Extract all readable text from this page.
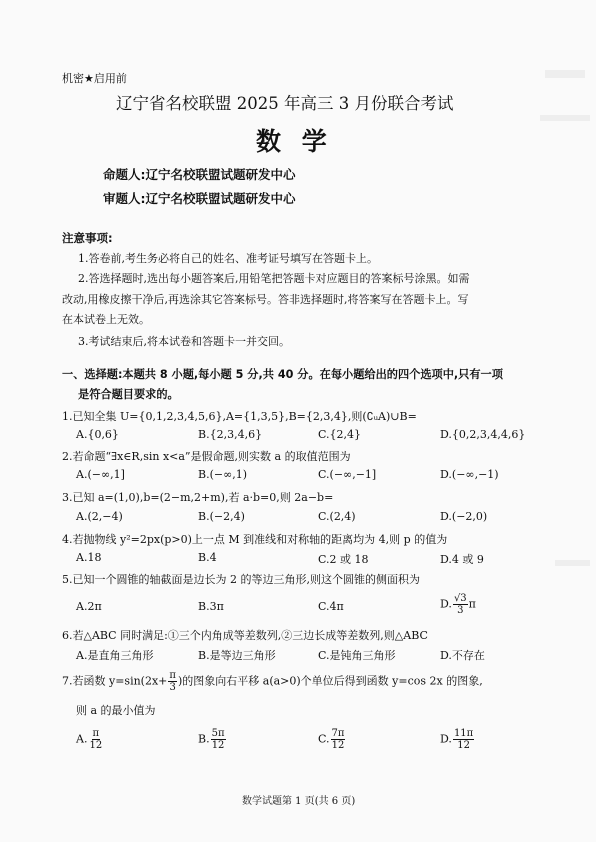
机密★启用前
辽宁省名校联盟 2025 年高三 3 月份联合考试
数 学
命题人:辽宁名校联盟试题研发中心
审题人:辽宁名校联盟试题研发中心
注意事项:
1.答卷前,考生务必将自己的姓名、准考证号填写在答题卡上。
2.答选择题时,选出每小题答案后,用铅笔把答题卡对应题目的答案标号涂黑。如需
改动,用橡皮擦干净后,再选涂其它答案标号。答非选择题时,将答案写在答题卡上。写
在本试卷上无效。
3.考试结束后,将本试卷和答题卡一并交回。
一、选择题:本题共 8 小题,每小题 5 分,共 40 分。在每小题给出的四个选项中,只有一项
是符合题目要求的。
1.已知全集 U={0,1,2,3,4,5,6},A={1,3,5},B={2,3,4},则(∁ᵤA)∪B=
A.{0,6}	B.{2,3,4,6}	C.{2,4}	D.{0,2,3,4,4,6}
2.若命题“∃x∈R,sin x<a”是假命题,则实数 a 的取值范围为
A.(−∞,1]	B.(−∞,1)	C.(−∞,−1]	D.(−∞,−1)
3.已知 a=(1,0),b=(2−m,2+m),若 a·b=0,则 2a−b=
A.(2,−4)	B.(−2,4)	C.(2,4)	D.(−2,0)
4.若抛物线 y²=2px(p>0)上一点 M 到准线和对称轴的距离均为 4,则 p 的值为
A.18	B.4	C.2 或 18	D.4 或 9
5.已知一个圆锥的轴截面是边长为 2 的等边三角形,则这个圆锥的侧面积为
A.2π	B.3π	C.4π	D. $\frac{√3}{3}$ π
6.若△ABC 同时满足:①三个内角成等差数列,②三边长成等差数列,则△ABC
A.是直角三角形	B.是等边三角形	C.是钝角三角形	D.不存在
7.若函数 $y=\sin(2x+ \frac{\pi}{3}$ )的图象向右平移 a(a>0)个单位后得到函数 y=cos 2x 的图象,
则 a 的最小值为
A. $\frac{\pi}{12}$	B. $\frac{5\pi}{12}$	C. $\frac{7\pi}{12}$	D. $\frac{11\pi}{12}$
数学试题第 1 页(共 6 页)
